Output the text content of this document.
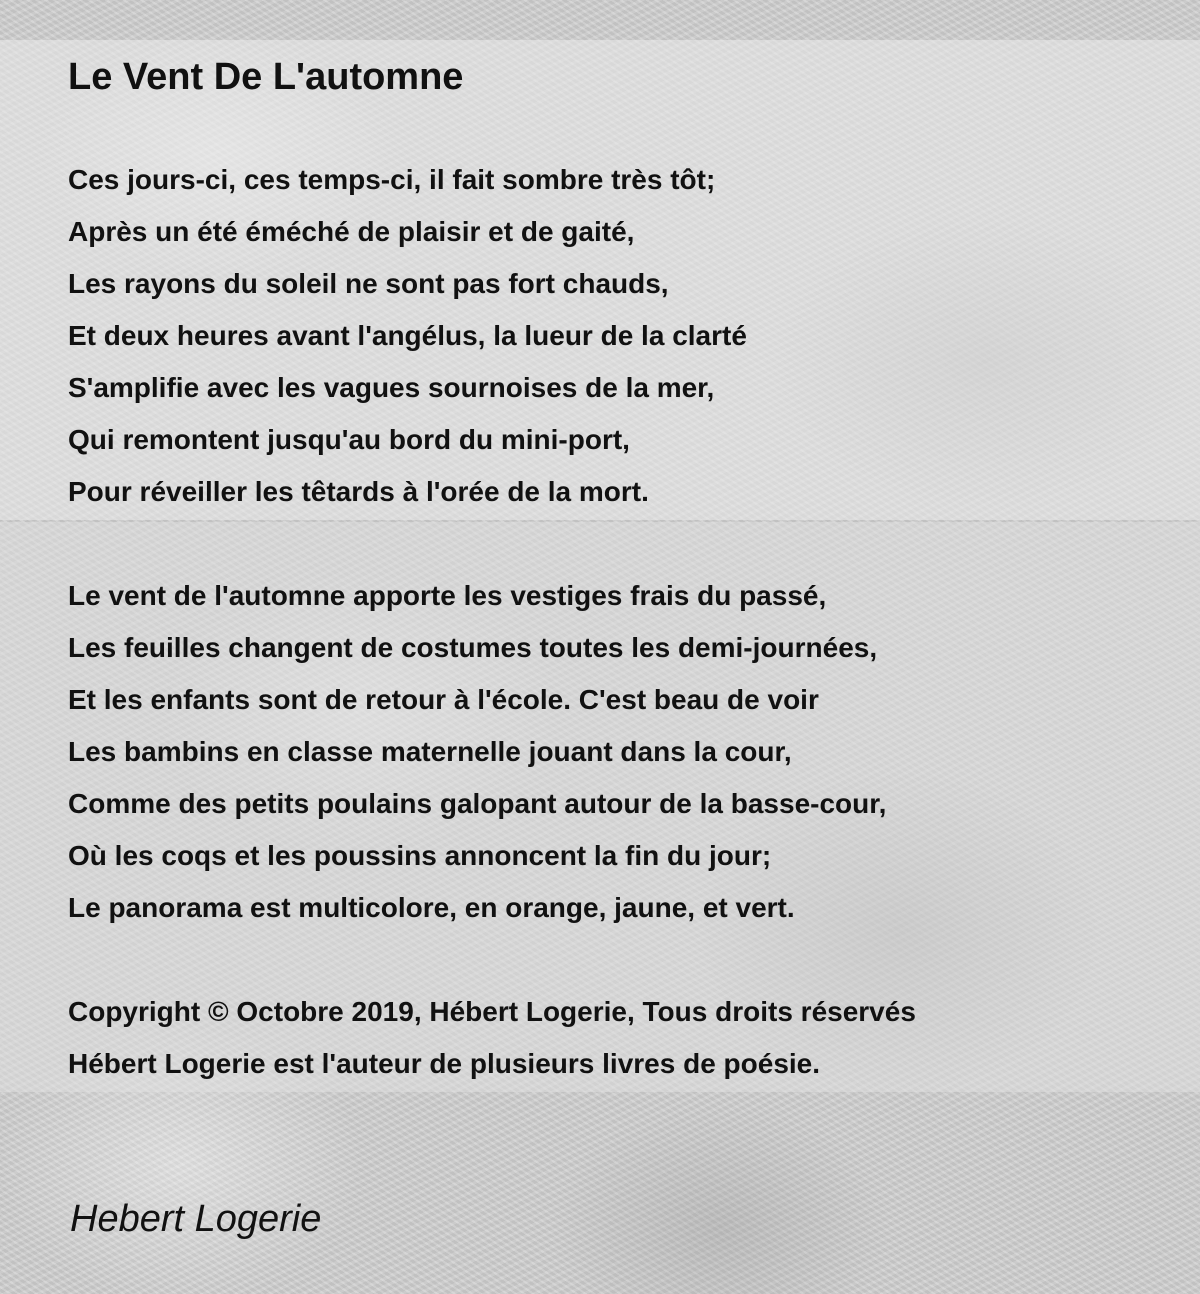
Le Vent De L'automne
Ces jours-ci, ces temps-ci, il fait sombre très tôt;
Après un été éméché de plaisir et de gaité,
Les rayons du soleil ne sont pas fort chauds,
Et deux heures avant l'angélus, la lueur de la clarté
S'amplifie avec les vagues sournoises de la mer,
Qui remontent jusqu'au bord du mini-port,
Pour réveiller les têtards à l'orée de la mort.
Le vent de l'automne apporte les vestiges frais du passé,
Les feuilles changent de costumes toutes les demi-journées,
Et les enfants sont de retour à l'école. C'est beau de voir
Les bambins en classe maternelle jouant dans la cour,
Comme des petits poulains galopant autour de la basse-cour,
Où les coqs et les poussins annoncent la fin du jour;
Le panorama est multicolore, en orange, jaune, et vert.
Copyright © Octobre 2019, Hébert Logerie, Tous droits réservés
Hébert Logerie est l'auteur de plusieurs livres de poésie.
Hebert Logerie
